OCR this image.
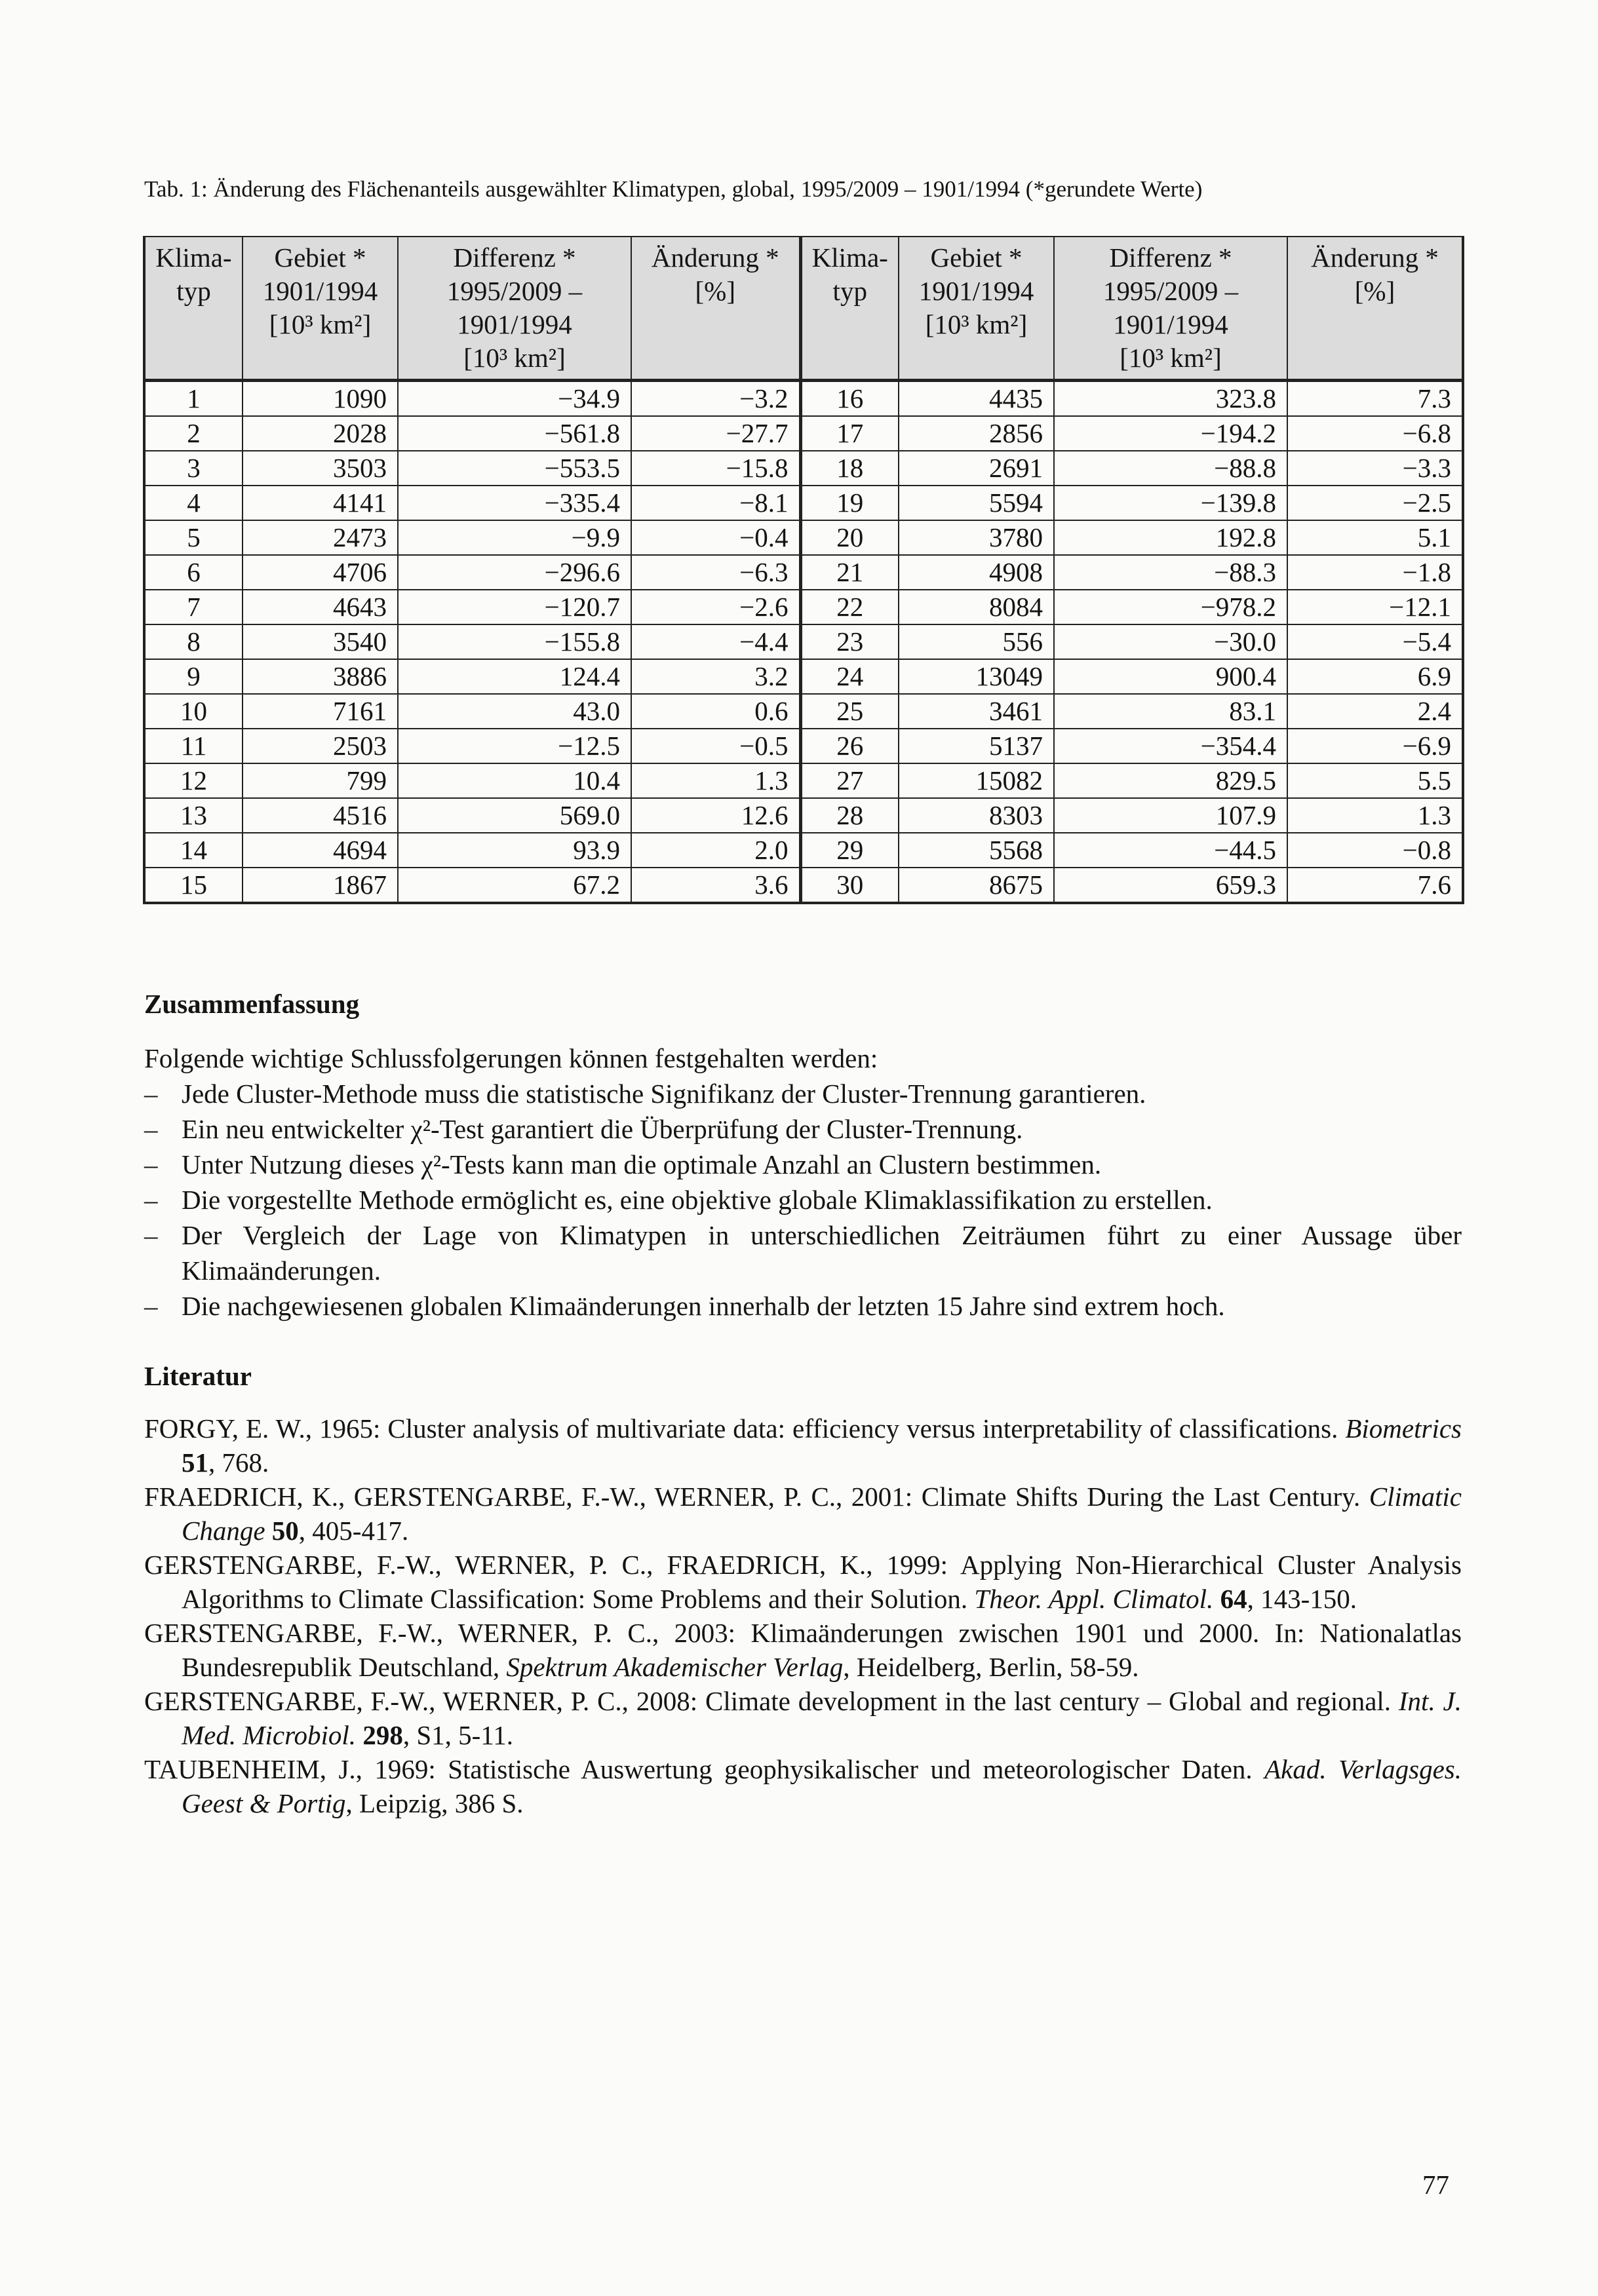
Tab. 1: Änderung des Flächenanteils ausgewählter Klimatypen, global, 1995/2009 – 1901/1994 (*gerundete Werte)
Klima-
typ	Gebiet *
1901/1994
[10³ km²]	Differenz *
1995/2009 –
1901/1994
[10³ km²]	Änderung *
[%]	Klima-
typ	Gebiet *
1901/1994
[10³ km²]	Differenz *
1995/2009 –
1901/1994
[10³ km²]	Änderung *
[%]

1	1090	−34.9	−3.2	16	4435	323.8	7.3
2	2028	−561.8	−27.7	17	2856	−194.2	−6.8
3	3503	−553.5	−15.8	18	2691	−88.8	−3.3
4	4141	−335.4	−8.1	19	5594	−139.8	−2.5
5	2473	−9.9	−0.4	20	3780	192.8	5.1
6	4706	−296.6	−6.3	21	4908	−88.3	−1.8
7	4643	−120.7	−2.6	22	8084	−978.2	−12.1
8	3540	−155.8	−4.4	23	556	−30.0	−5.4
9	3886	124.4	3.2	24	13049	900.4	6.9
10	7161	43.0	0.6	25	3461	83.1	2.4
11	2503	−12.5	−0.5	26	5137	−354.4	−6.9
12	799	10.4	1.3	27	15082	829.5	5.5
13	4516	569.0	12.6	28	8303	107.9	1.3
14	4694	93.9	2.0	29	5568	−44.5	−0.8
15	1867	67.2	3.6	30	8675	659.3	7.6
Zusammenfassung

Folgende wichtige Schlussfolgerungen können festgehalten werden:

– Jede Cluster-Methode muss die statistische Signifikanz der Cluster-Trennung garantieren.
– Ein neu entwickelter χ²-Test garantiert die Überprüfung der Cluster-Trennung.
– Unter Nutzung dieses χ²-Tests kann man die optimale Anzahl an Clustern bestimmen.
– Die vorgestellte Methode ermöglicht es, eine objektive globale Klimaklassifikation zu erstellen.
– Der Vergleich der Lage von Klimatypen in unterschiedlichen Zeiträumen führt zu einer Aussage über Klimaänderungen.
– Die nachgewiesenen globalen Klimaänderungen innerhalb der letzten 15 Jahre sind extrem hoch.
Literatur

FORGY, E. W., 1965: Cluster analysis of multivariate data: efficiency versus interpretability of classifications. Biometrics 51, 768.

FRAEDRICH, K., GERSTENGARBE, F.-W., WERNER, P. C., 2001: Climate Shifts During the Last Century. Climatic Change 50, 405-417.

GERSTENGARBE, F.-W., WERNER, P. C., FRAEDRICH, K., 1999: Applying Non-Hierarchical Cluster Analysis Algorithms to Climate Classification: Some Problems and their Solution. Theor. Appl. Climatol. 64, 143-150.

GERSTENGARBE, F.-W., WERNER, P. C., 2003: Klimaänderungen zwischen 1901 und 2000. In: Nationalatlas Bundesrepublik Deutschland, Spektrum Akademischer Verlag, Heidelberg, Berlin, 58-59.

GERSTENGARBE, F.-W., WERNER, P. C., 2008: Climate development in the last century – Global and regional. Int. J. Med. Microbiol. 298, S1, 5-11.

TAUBENHEIM, J., 1969: Statistische Auswertung geophysikalischer und meteorologischer Daten. Akad. Verlagsges. Geest & Portig, Leipzig, 386 S.

77
